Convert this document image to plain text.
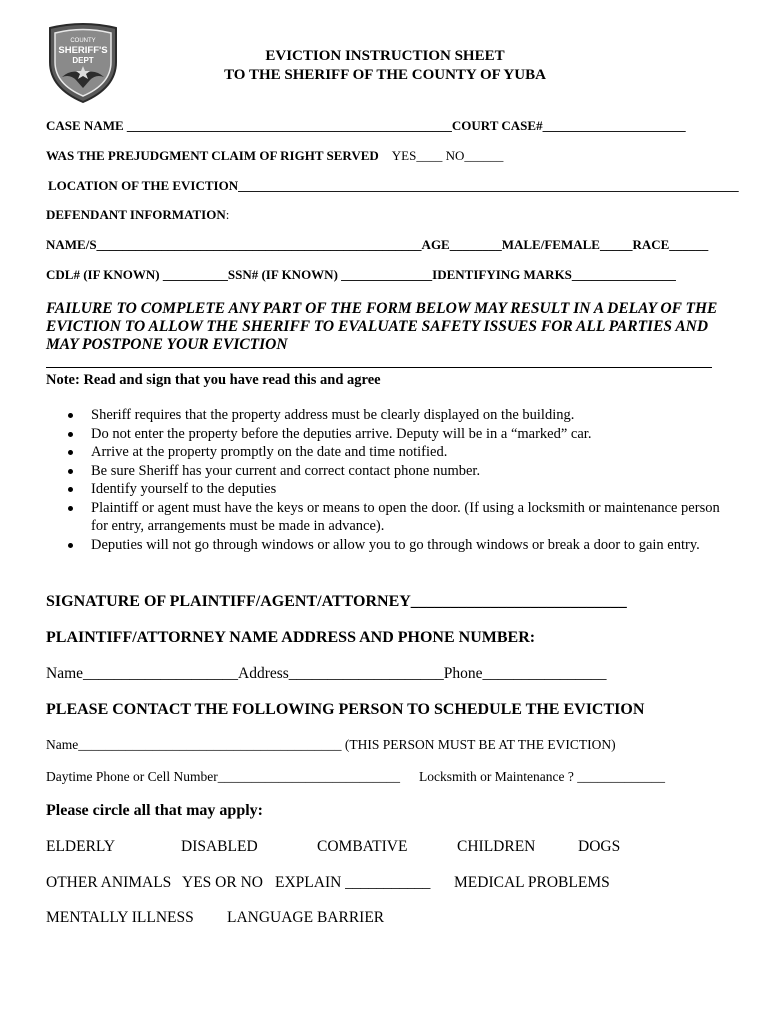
COUNTY
SHERIFF'S
DEPT	EVICTION INSTRUCTION SHEET
TO THE SHERIFF OF THE COUNTY OF YUBA
CASE NAME __________________________________________________COURT CASE#______________________
WAS THE PREJUDGMENT CLAIM OF RIGHT SERVED YES____ NO______
LOCATION OF THE EVICTION_____________________________________________________________________________
DEFENDANT INFORMATION:
NAME/S__________________________________________________AGE________MALE/FEMALE_____RACE______
CDL# (IF KNOWN) __________SSN# (IF KNOWN) ______________IDENTIFYING MARKS________________
FAILURE TO COMPLETE ANY PART OF THE FORM BELOW MAY RESULT IN A DELAY OF THE EVICTION TO ALLOW THE SHERIFF TO EVALUATE SAFETY ISSUES FOR ALL PARTIES AND MAY POSTPONE YOUR EVICTION
Note: Read and sign that you have read this and agree
Sheriff requires that the property address must be clearly displayed on the building.
Do not enter the property before the deputies arrive. Deputy will be in a “marked” car.
Arrive at the property promptly on the date and time notified.
Be sure Sheriff has your current and correct contact phone number.
Identify yourself to the deputies
Plaintiff or agent must have the keys or means to open the door. (If using a locksmith or maintenance person for entry, arrangements must be made in advance).
Deputies will not go through windows or allow you to go through windows or break a door to gain entry.
SIGNATURE OF PLAINTIFF/AGENT/ATTORNEY___________________________
PLAINTIFF/ATTORNEY NAME ADDRESS AND PHONE NUMBER:
Name____________________Address____________________Phone________________
PLEASE CONTACT THE FOLLOWING PERSON TO SCHEDULE THE EVICTION
Name_______________________________________ (THIS PERSON MUST BE AT THE EVICTION)
Daytime Phone or Cell Number___________________________ Locksmith or Maintenance ? _____________
Please circle all that may apply:
ELDERLY	DISABLED	COMBATIVE	CHILDREN	DOGS
OTHER ANIMALS YES OR NO EXPLAIN ___________ MEDICAL PROBLEMS
MENTALLY ILLNESS LANGUAGE BARRIER
